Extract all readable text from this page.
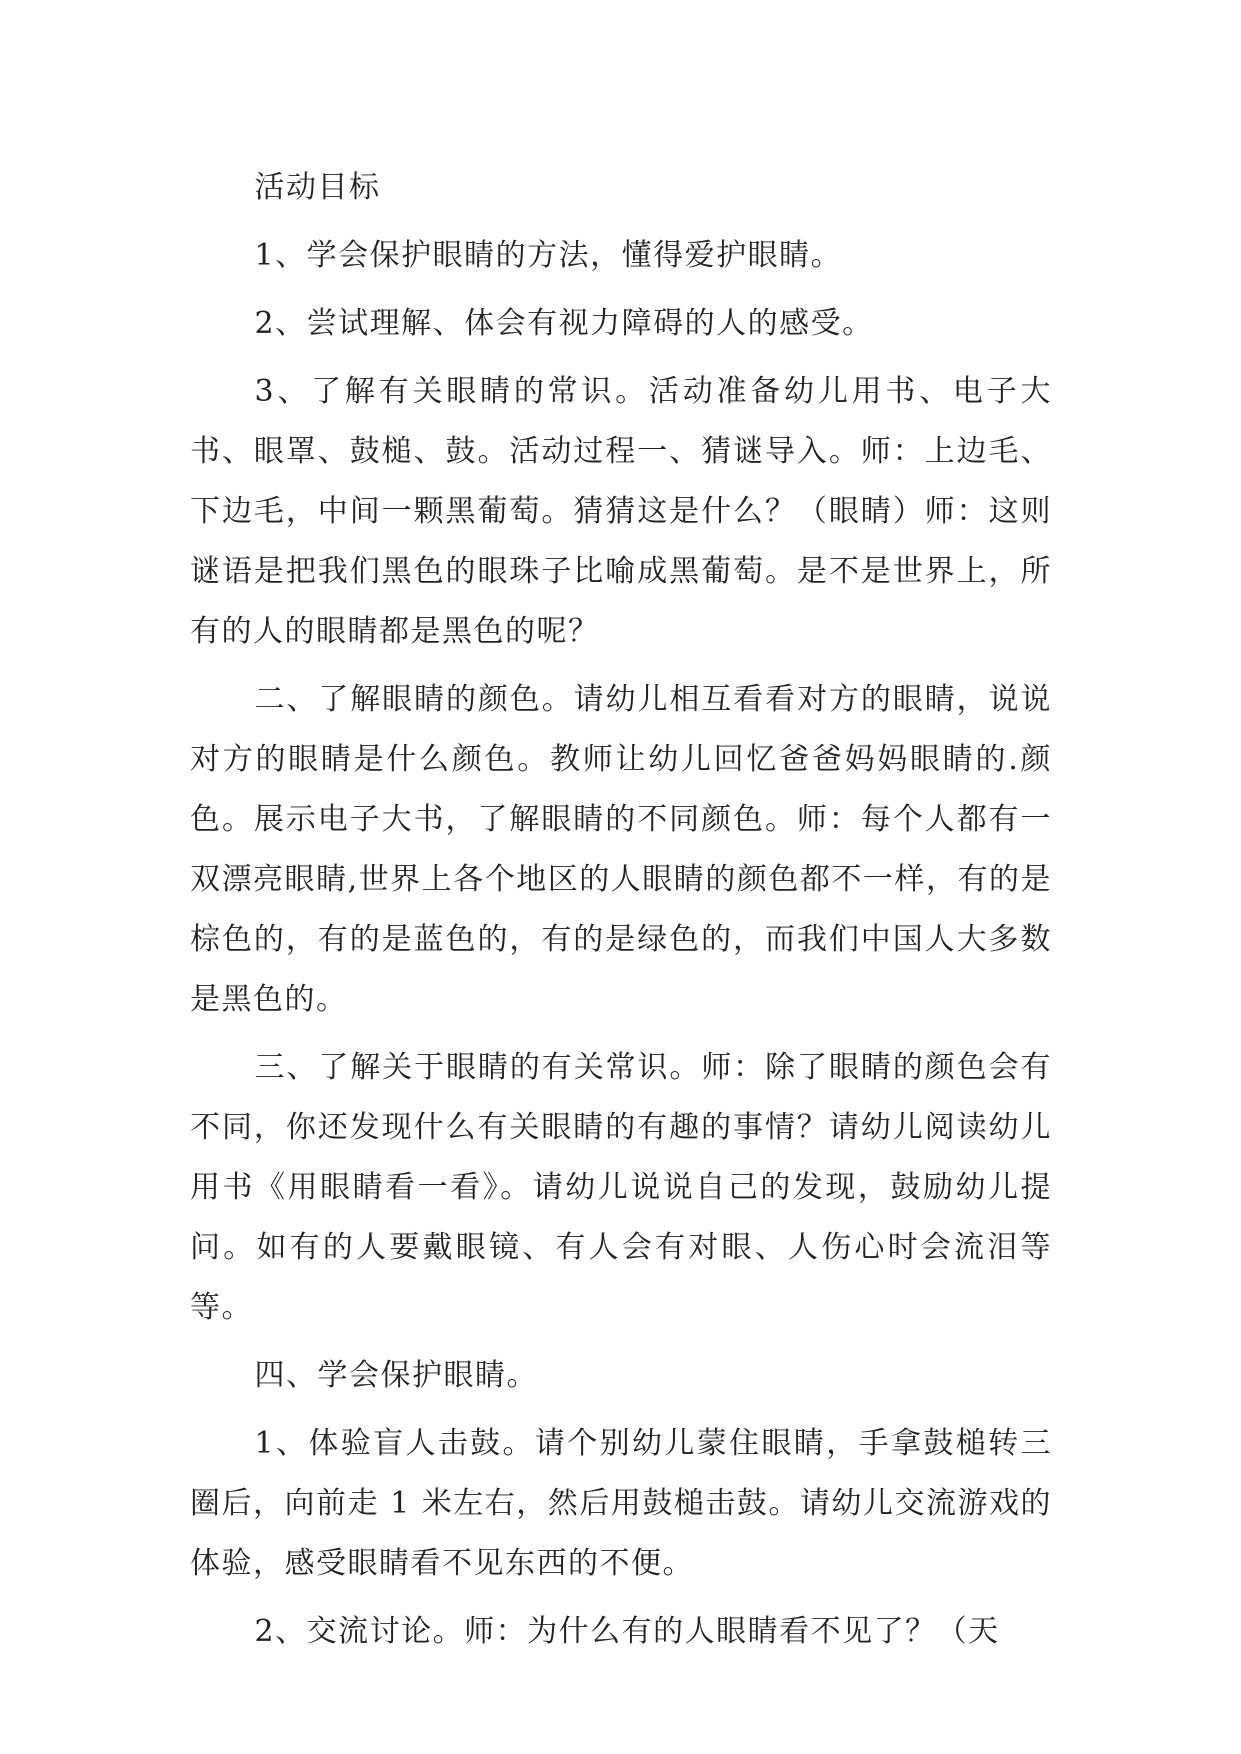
活动目标

1、学会保护眼睛的方法，懂得爱护眼睛。

2、尝试理解、体会有视力障碍的人的感受。

3、了解有关眼睛的常识。活动准备幼儿用书、电子大书、眼罩、鼓槌、鼓。活动过程一、猜谜导入。师：上边毛、下边毛，中间一颗黑葡萄。猜猜这是什么？（眼睛）师：这则谜语是把我们黑色的眼珠子比喻成黑葡萄。是不是世界上，所有的人的眼睛都是黑色的呢？

二、了解眼睛的颜色。请幼儿相互看看对方的眼睛，说说对方的眼睛是什么颜色。教师让幼儿回忆爸爸妈妈眼睛的.颜色。展示电子大书，了解眼睛的不同颜色。师：每个人都有一双漂亮眼睛,世界上各个地区的人眼睛的颜色都不一样，有的是棕色的，有的是蓝色的，有的是绿色的，而我们中国人大多数是黑色的。

三、了解关于眼睛的有关常识。师：除了眼睛的颜色会有不同，你还发现什么有关眼睛的有趣的事情？请幼儿阅读幼儿用书《用眼睛看一看》。请幼儿说说自己的发现，鼓励幼儿提问。如有的人要戴眼镜、有人会有对眼、人伤心时会流泪等等。

四、学会保护眼睛。

1、体验盲人击鼓。请个别幼儿蒙住眼睛，手拿鼓槌转三圈后，向前走 1 米左右，然后用鼓槌击鼓。请幼儿交流游戏的体验，感受眼睛看不见东西的不便。

2、交流讨论。师：为什么有的人眼睛看不见了？（天
